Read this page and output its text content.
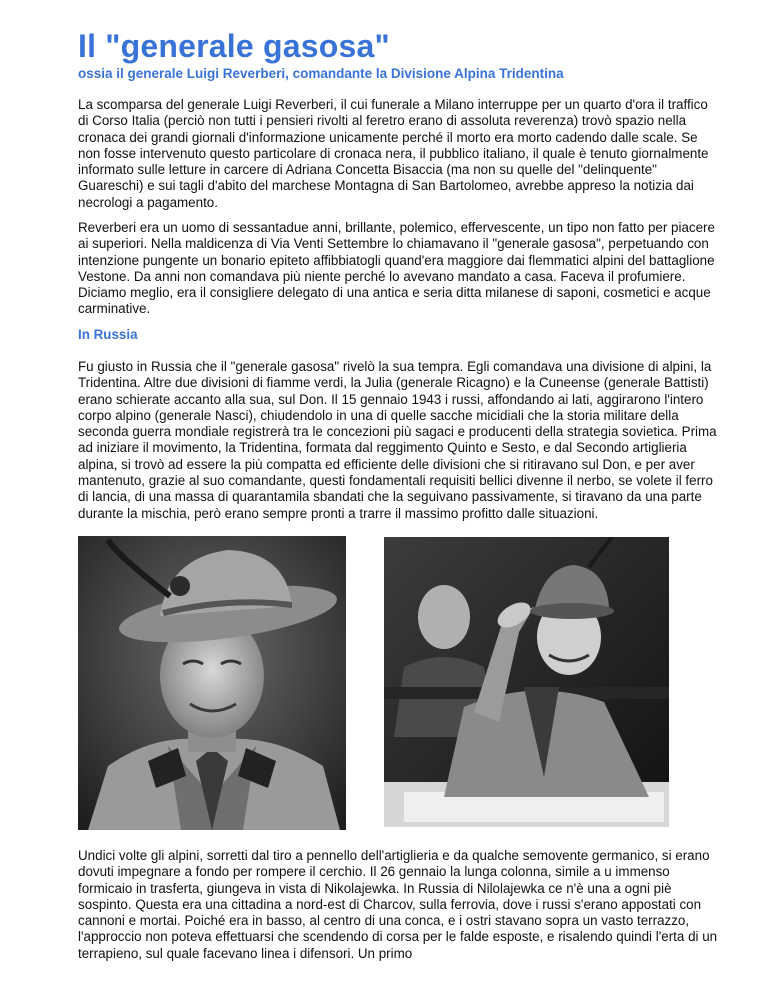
Il "generale gasosa"

ossia il generale Luigi Reverberi, comandante la Divisione Alpina Tridentina

La scomparsa del generale Luigi Reverberi, il cui funerale a Milano interruppe per un quarto d'ora il traffico di Corso Italia (perciò non tutti i pensieri rivolti al feretro erano di assoluta reverenza) trovò spazio nella cronaca dei grandi giornali d'informazione unicamente perché il morto era morto cadendo dalle scale. Se non fosse intervenuto questo particolare di cronaca nera, il pubblico italiano, il quale è tenuto giornalmente informato sulle letture in carcere di Adriana Concetta Bisaccia (ma non su quelle del "delinquente" Guareschi) e sui tagli d'abito del marchese Montagna di San Bartolomeo, avrebbe appreso la notizia dai necrologi a pagamento.

Reverberi era un uomo di sessantadue anni, brillante, polemico, effervescente, un tipo non fatto per piacere ai superiori. Nella maldicenza di Via Venti Settembre lo chiamavano il "generale gasosa", perpetuando con intenzione pungente un bonario epiteto affibbiatogli quand'era maggiore dai flemmatici alpini del battaglione Vestone. Da anni non comandava più niente perché lo avevano mandato a casa. Faceva il profumiere. Diciamo meglio, era il consigliere delegato di una antica e seria ditta milanese di saponi, cosmetici e acque carminative.

In Russia

Fu giusto in Russia che il "generale gasosa" rivelò la sua tempra. Egli comandava una divisione di alpini, la Tridentina. Altre due divisioni di fiamme verdi, la Julia (generale Ricagno) e la Cuneense (generale Battisti) erano schierate accanto alla sua, sul Don. Il 15 gennaio 1943 i russi, affondando ai lati, aggirarono l'intero corpo alpino (generale Nasci), chiudendolo in una di quelle sacche micidiali che la storia militare della seconda guerra mondiale registrerà tra le concezioni più sagaci e producenti della strategia sovietica. Prima ad iniziare il movimento, la Tridentina, formata dal reggimento Quinto e Sesto, e dal Secondo artiglieria alpina, si trovò ad essere la più compatta ed efficiente delle divisioni che si ritiravano sul Don, e per aver mantenuto, grazie al suo comandante, questi fondamentali requisiti bellici divenne il nerbo, se volete il ferro di lancia, di una massa di quarantamila sbandati che la seguivano passivamente, si tiravano da una parte durante la mischia, però erano sempre pronti a trarre il massimo profitto dalle situazioni.

Undici volte gli alpini, sorretti dal tiro a pennello dell'artiglieria e da qualche semovente germanico, si erano dovuti impegnare a fondo per rompere il cerchio. Il 26 gennaio la lunga colonna, simile a u immenso formicaio in trasferta, giungeva in vista di Nikolajewka. In Russia di Nilolajewka ce n'è una a ogni piè sospinto. Questa era una cittadina a nord-est di Charcov, sulla ferrovia, dove i russi s'erano appostati con cannoni e mortai. Poiché era in basso, al centro di una conca, e i ostri stavano sopra un vasto terrazzo, l'approccio non poteva effettuarsi che scendendo di corsa per le falde esposte, e risalendo quindi l'erta di un terrapieno, sul quale facevano linea i difensori. Un primo
